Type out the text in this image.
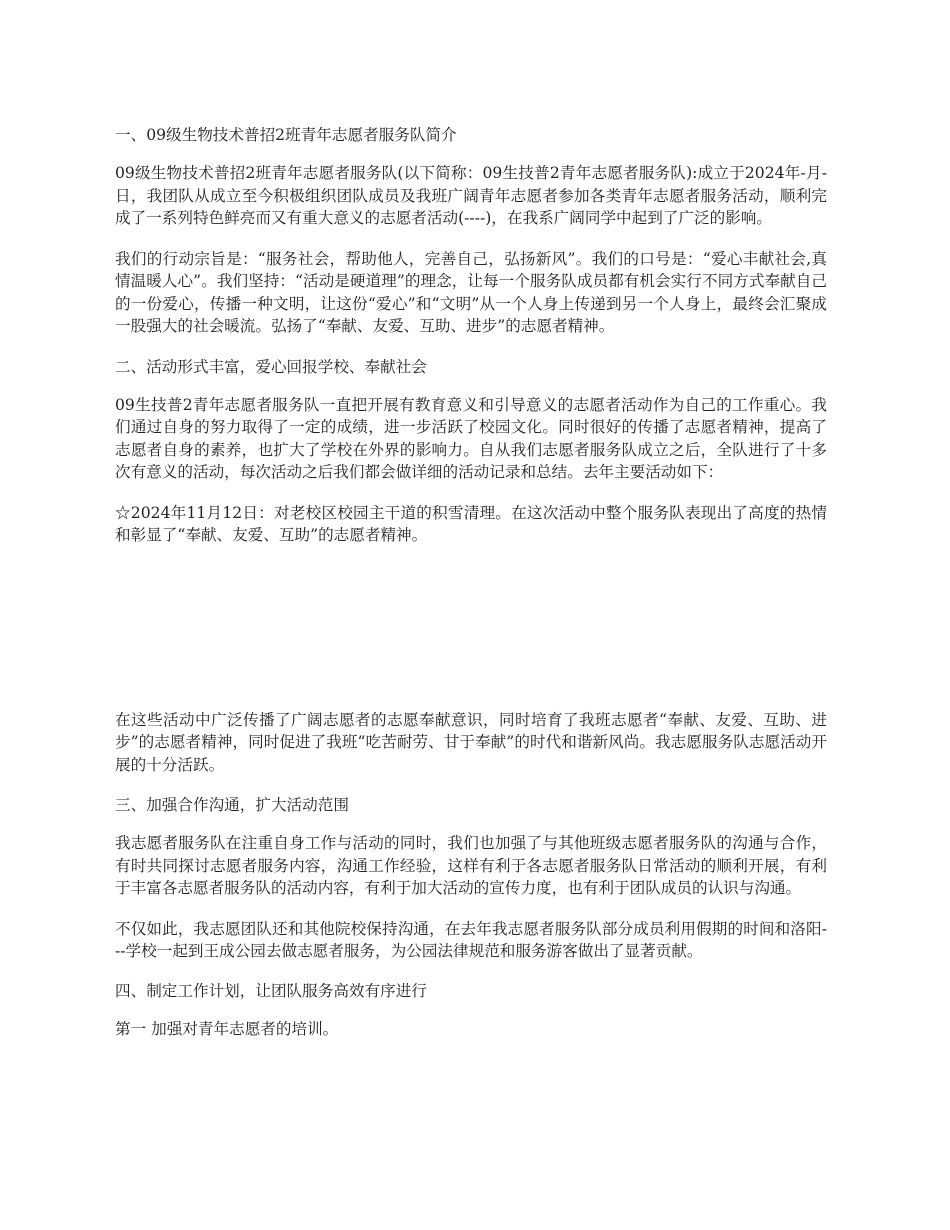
一、09级生物技术普招2班青年志愿者服务队简介

09级生物技术普招2班青年志愿者服务队(以下简称：09生技普2青年志愿者服务队):成立于2024年-月-日，我团队从成立至今积极组织团队成员及我班广阔青年志愿者参加各类青年志愿者服务活动，顺利完成了一系列特色鲜亮而又有重大意义的志愿者活动(----)，在我系广阔同学中起到了广泛的影响。

我们的行动宗旨是：“服务社会，帮助他人，完善自己，弘扬新风”。我们的口号是：“爱心丰献社会,真情温暖人心”。我们坚持：“活动是硬道理”的理念，让每一个服务队成员都有机会实行不同方式奉献自己的一份爱心，传播一种文明，让这份“爱心”和“文明”从一个人身上传递到另一个人身上，最终会汇聚成一股强大的社会暖流。弘扬了“奉献、友爱、互助、进步”的志愿者精神。

二、活动形式丰富，爱心回报学校、奉献社会

09生技普2青年志愿者服务队一直把开展有教育意义和引导意义的志愿者活动作为自己的工作重心。我们通过自身的努力取得了一定的成绩，进一步活跃了校园文化。同时很好的传播了志愿者精神，提高了志愿者自身的素养，也扩大了学校在外界的影响力。自从我们志愿者服务队成立之后，全队进行了十多次有意义的活动，每次活动之后我们都会做详细的活动记录和总结。去年主要活动如下：

☆2024年11月12日：对老校区校园主干道的积雪清理。在这次活动中整个服务队表现出了高度的热情和彰显了“奉献、友爱、互助”的志愿者精神。

在这些活动中广泛传播了广阔志愿者的志愿奉献意识，同时培育了我班志愿者“奉献、友爱、互助、进步”的志愿者精神，同时促进了我班“吃苦耐劳、甘于奉献”的时代和谐新风尚。我志愿服务队志愿活动开展的十分活跃。

三、加强合作沟通，扩大活动范围

我志愿者服务队在注重自身工作与活动的同时，我们也加强了与其他班级志愿者服务队的沟通与合作，有时共同探讨志愿者服务内容，沟通工作经验，这样有利于各志愿者服务队日常活动的顺利开展，有利于丰富各志愿者服务队的活动内容，有利于加大活动的宣传力度，也有利于团队成员的认识与沟通。

不仅如此，我志愿团队还和其他院校保持沟通，在去年我志愿者服务队部分成员利用假期的时间和洛阳---学校一起到王成公园去做志愿者服务，为公园法律规范和服务游客做出了显著贡献。

四、制定工作计划，让团队服务高效有序进行

第一 加强对青年志愿者的培训。
